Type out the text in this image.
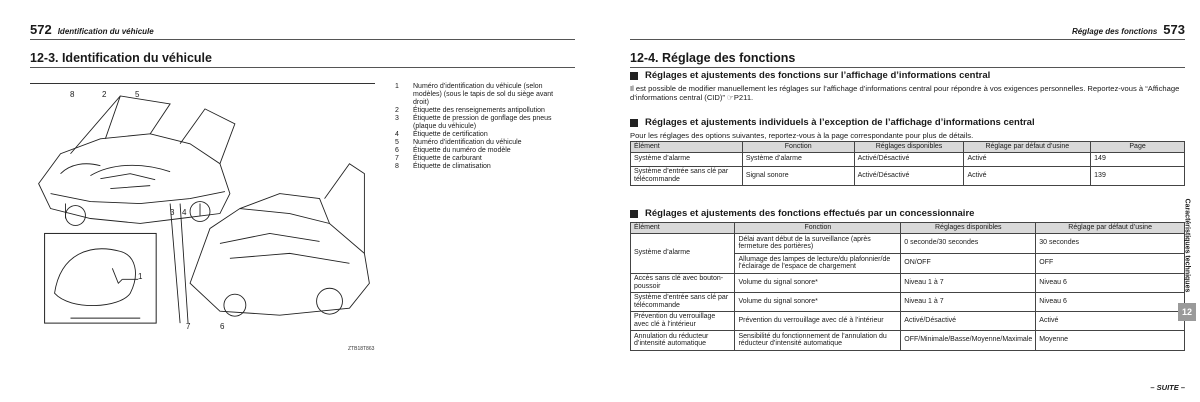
572 Identification du véhicule
12-3. Identification du véhicule
8	2	5
3 4
1
7	6
ZTB18T863
1	Numéro d’identification du véhicule (selon modèles) (sous le tapis de sol du siège avant droit)
2	Étiquette des renseignements antipollution
3	Étiquette de pression de gonflage des pneus (plaque du véhicule)
4	Étiquette de certification
5	Numéro d’identification du véhicule
6	Étiquette du numéro de modèle
7	Étiquette de carburant
8	Étiquette de climatisation
Réglage des fonctions 573
12-4. Réglage des fonctions
Réglages et ajustements des fonctions sur l’affichage d’informations central
Il est possible de modifier manuellement les réglages sur l’affichage d’informations central pour répondre à vos exigences personnelles. Reportez-vous à “Affichage d’informations central (CID)” ☞P211.
Réglages et ajustements individuels à l’exception de l’affichage d’informations central
Pour les réglages des options suivantes, reportez-vous à la page correspondante pour plus de détails.
Élément	Fonction	Réglages disponibles	Réglage par défaut d’usine	Page
Système d’alarme	Système d’alarme	Activé/Désactivé	Activé	149
Système d’entrée sans clé par télécommande	Signal sonore	Activé/Désactivé	Activé	139
Réglages et ajustements des fonctions effectués par un concessionnaire
Élément	Fonction	Réglages disponibles	Réglage par défaut d’usine
Système d’alarme	Délai avant début de la surveillance (après fermeture des portières)	0 seconde/30 secondes	30 secondes
	Allumage des lampes de lecture/du plafonnier/de l’éclairage de l’espace de chargement	ON/OFF	OFF
Accès sans clé avec bouton-poussoir	Volume du signal sonore*	Niveau 1 à 7	Niveau 6
Système d’entrée sans clé par télécommande	Volume du signal sonore*	Niveau 1 à 7	Niveau 6
Prévention du verrouillage avec clé à l’intérieur	Prévention du verrouillage avec clé à l’intérieur	Activé/Désactivé	Activé
Annulation du réducteur d’intensité automatique	Sensibilité du fonctionnement de l’annulation du réducteur d’intensité automatique	OFF/Minimale/Basse/Moyenne/Maximale	Moyenne
Caractéristiques techniques
12
– SUITE –
